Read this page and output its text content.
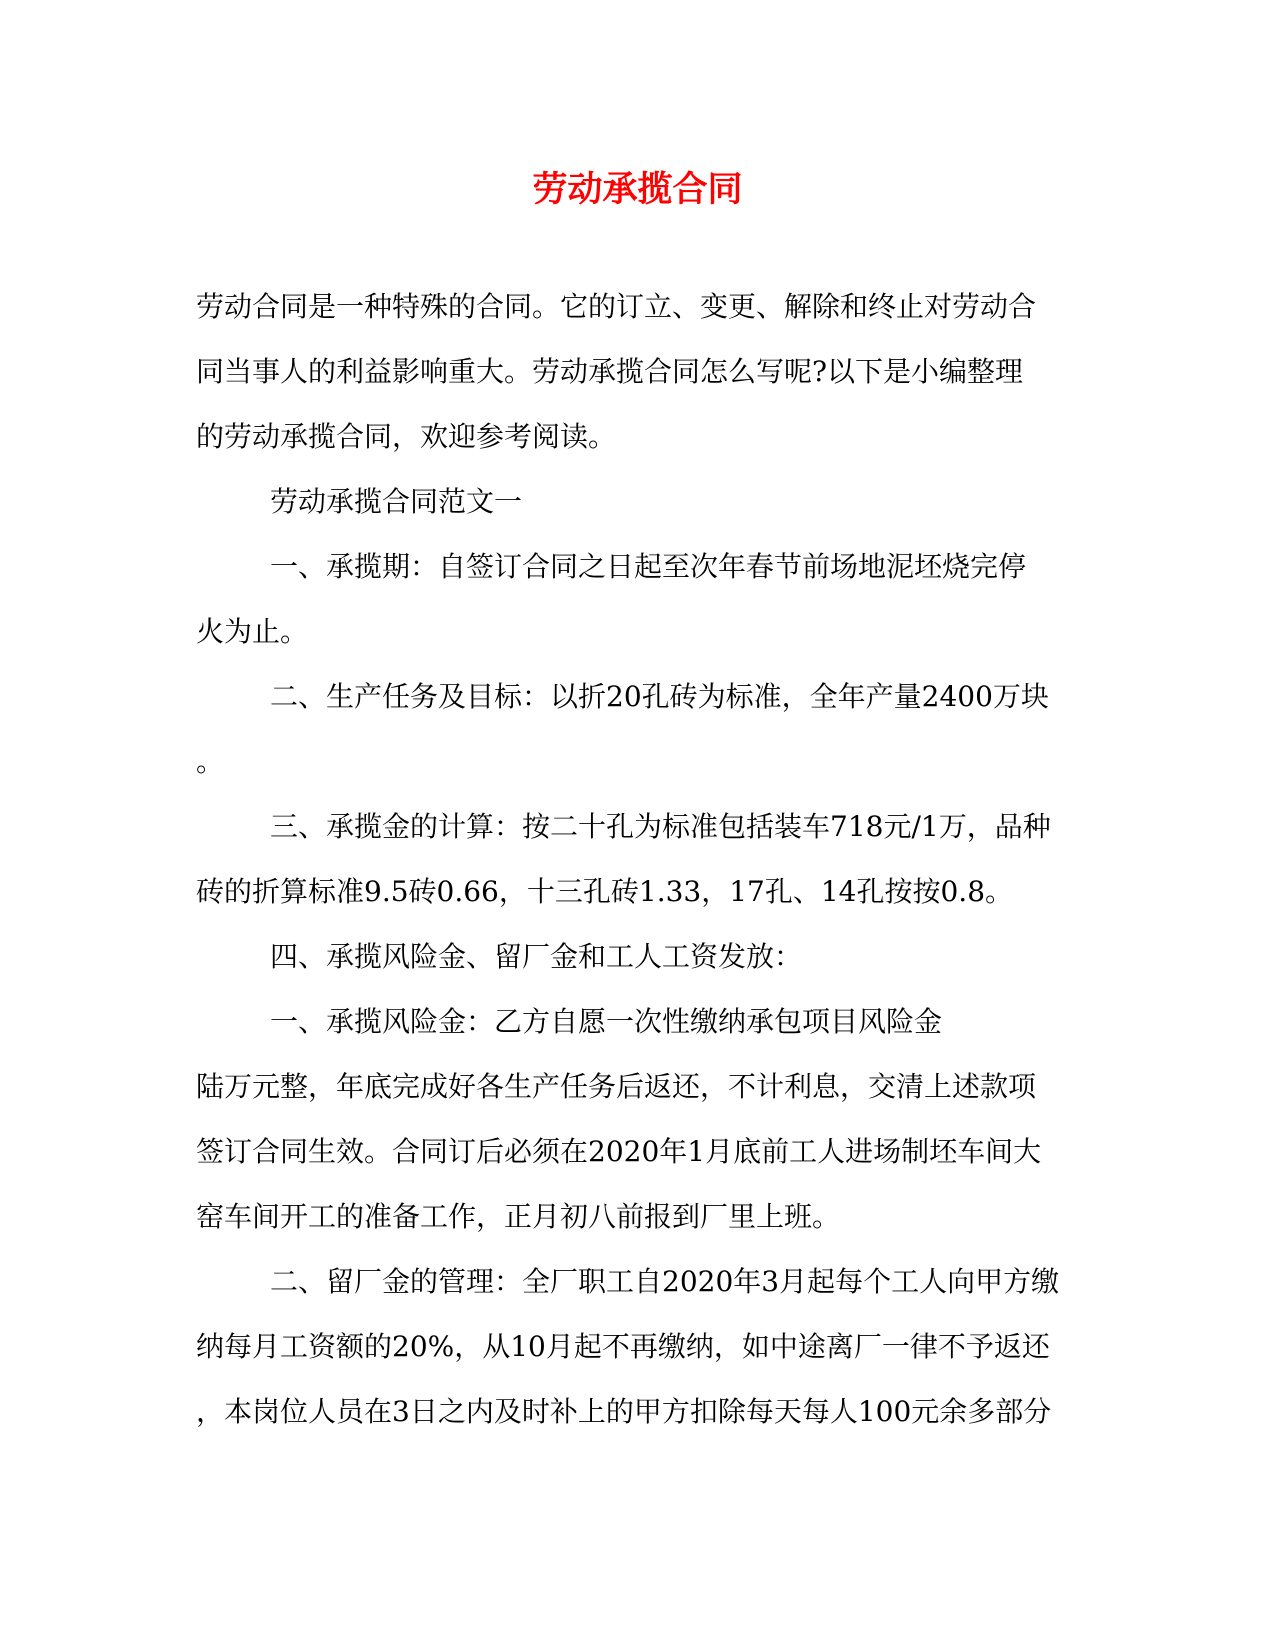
劳动承揽合同

劳动合同是一种特殊的合同。它的订立、变更、解除和终止对劳动合

同当事人的利益影响重大。劳动承揽合同怎么写呢?以下是小编整理

的劳动承揽合同，欢迎参考阅读。

劳动承揽合同范文一

一、承揽期：自签订合同之日起至次年春节前场地泥坯烧完停

火为止。

二、生产任务及目标：以折20孔砖为标准，全年产量2400万块

。

三、承揽金的计算：按二十孔为标准包括装车718元/1万，品种

砖的折算标准9.5砖0.66，十三孔砖1.33，17孔、14孔按按0.8。

四、承揽风险金、留厂金和工人工资发放：

一、承揽风险金：乙方自愿一次性缴纳承包项目风险金

陆万元整，年底完成好各生产任务后返还，不计利息，交清上述款项

签订合同生效。合同订后必须在2020年1月底前工人进场制坯车间大

窑车间开工的准备工作，正月初八前报到厂里上班。

二、留厂金的管理：全厂职工自2020年3月起每个工人向甲方缴

纳每月工资额的20%，从10月起不再缴纳，如中途离厂一律不予返还

，本岗位人员在3日之内及时补上的甲方扣除每天每人100元余多部分
